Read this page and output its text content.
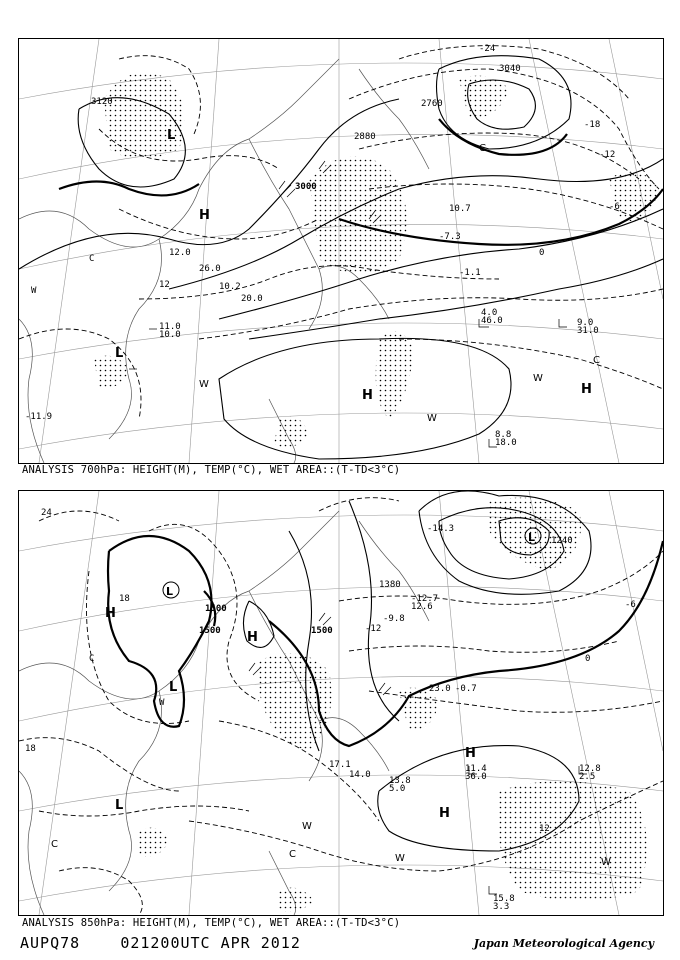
3120	2760
2880
3000
3040
-24
-18
-12
-6
0
12
C
W
-11.9
-7.3
-1.1
4.0
46.0	9.0
31.0
8.8
18.0
11.0
10.0
12.0
26.0
10.2
10.7
20.0
L
H
L
H	H
W
W
W
C
C
ANALYSIS 700hPa: HEIGHT(M), TEMP(°C), WET AREA::(T-TD<3°C)
1500
1500	1500
1380
1240
24
18
18
12
-6
0
-12
C
W
-14.3
-12.7
12.6
-9.8
11.4
36.0
12.8
2.5
13.8
5.0
15.8
3.3
17.1
14.0
23.0 -0.7
L
H
H
L
H
H
L
L
W
W	W
C
C
ANALYSIS 850hPa: HEIGHT(M), TEMP(°C), WET AREA::(T-TD<3°C)
AUPQ78	021200UTC APR 2012	Japan Meteorological Agency
